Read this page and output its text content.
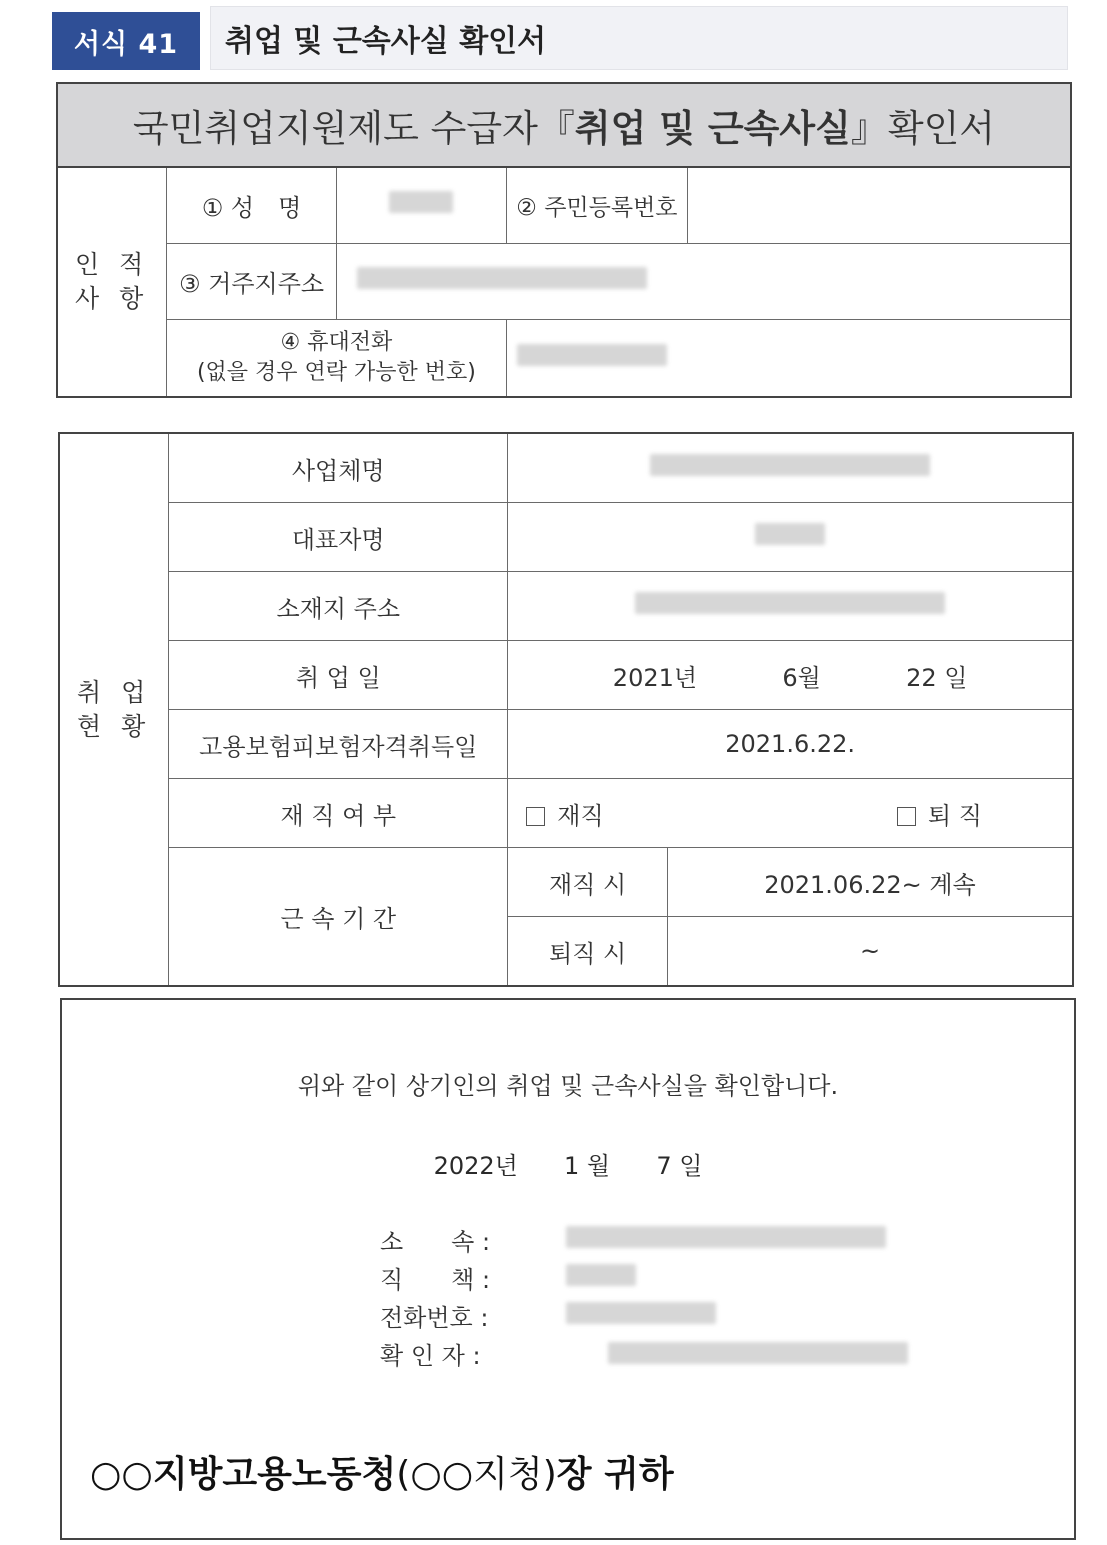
서식 41	취업 및 근속사실 확인서
국민취업지원제도 수급자『취업 및 근속사실』확인서				

인 적
사 항	① 성　명		② 주민등록번호	
	③ 거주지주소			

	④ 휴대전화
(없을 경우 연락 가능한 번호)			

취 업
현 황	사업체명		
	대표자명		
	소재지 주소		
	취 업 일	2021년 6월 22 일	
	고용보험피보험자격취득일	2021.6.22.	
	재 직 여 부	재직 퇴 직	
	근 속 기 간	재직 시	2021.06.22~ 계속
		퇴직 시	~
위와 같이 상기인의 취업 및 근속사실을 확인합니다.
2022년 1 월 7 일
소　　속 :
직　　책 :
전화번호 :
확 인 자 :
○○지방고용노동청(○○지청)장 귀하
